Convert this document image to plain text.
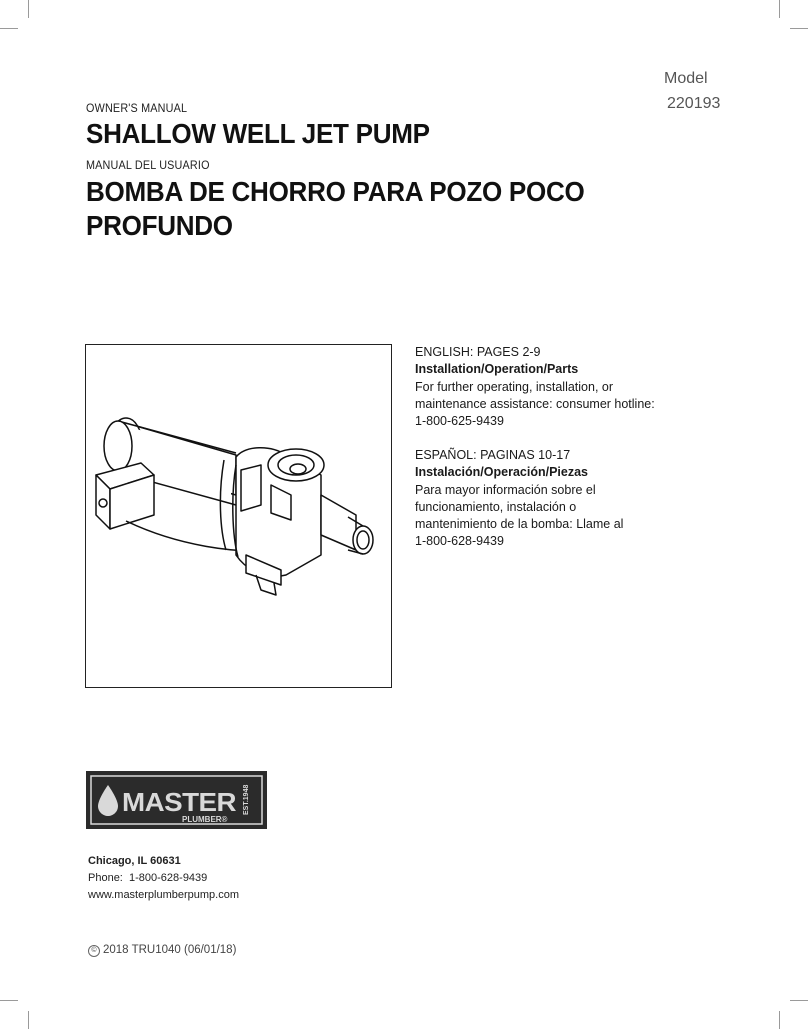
Model
220193
OWNER'S MANUAL
SHALLOW WELL JET PUMP
MANUAL DEL USUARIO
BOMBA DE CHORRO PARA POZO POCO
PROFUNDO
ENGLISH: PAGES 2-9
Installation/Operation/Parts
For further operating, installation, or
maintenance assistance: consumer hotline:
1-800-625-9439
ESPAÑOL: PAGINAS 10-17
Instalación/Operación/Piezas
Para mayor información sobre el
funcionamiento, instalación o
mantenimiento de la bomba: Llame al
1-800-628-9439
MASTER
PLUMBER®
EST.1948
Chicago, IL 60631
Phone: 1-800-628-9439
www.masterplumberpump.com
© 2018 TRU1040 (06/01/18)
